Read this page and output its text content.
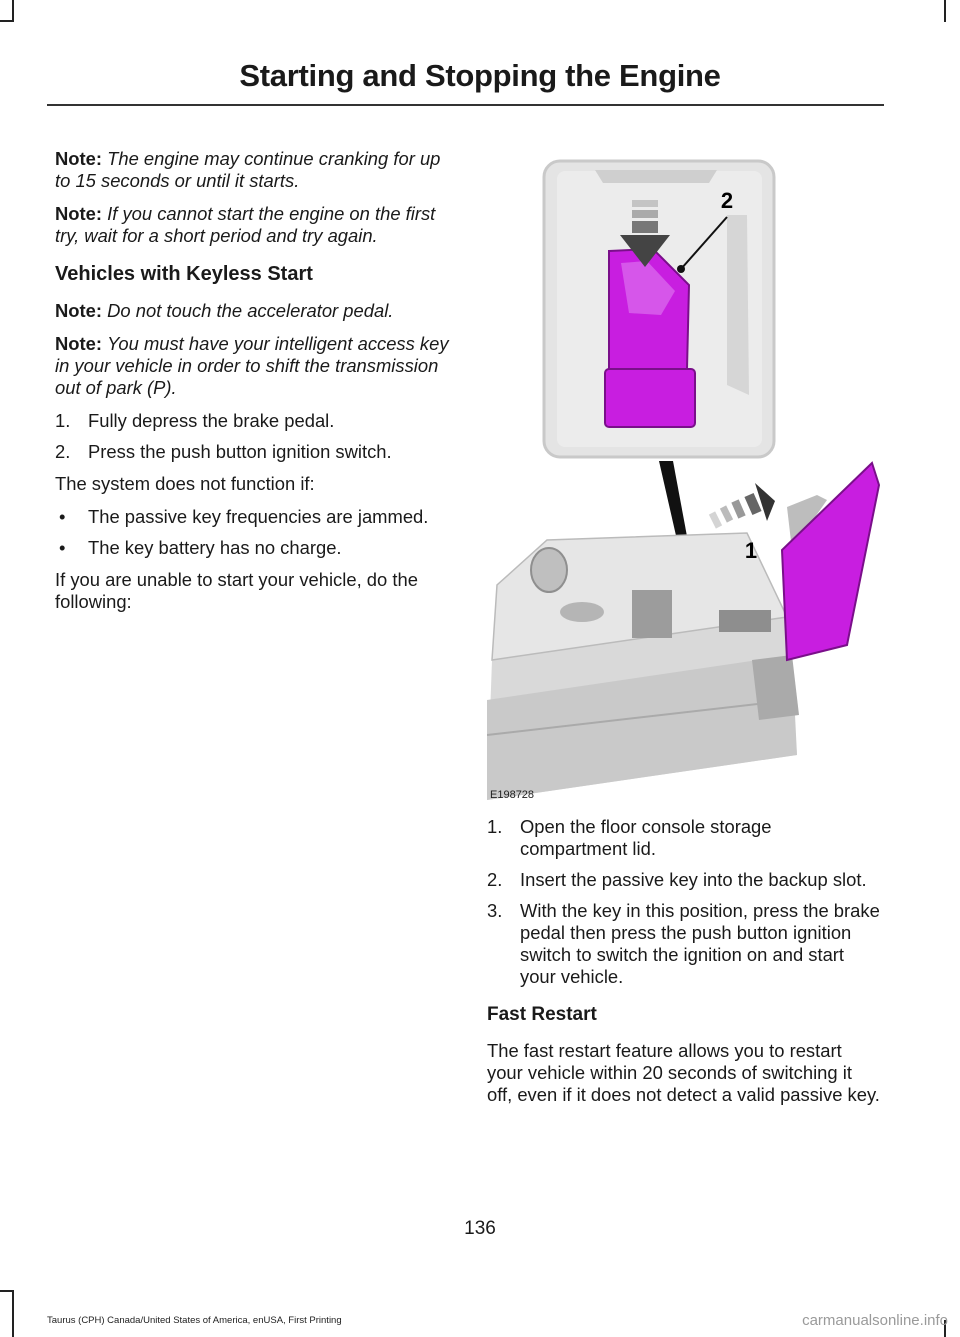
Starting and Stopping the Engine

Note: The engine may continue cranking for up to 15 seconds or until it starts.

Note: If you cannot start the engine on the first try, wait for a short period and try again.

Vehicles with Keyless Start

Note: Do not touch the accelerator pedal.

Note: You must have your intelligent access key in your vehicle in order to shift the transmission out of park (P).

1. Fully depress the brake pedal.
2. Press the push button ignition switch.

The system does not function if:

• The passive key frequencies are jammed.
• The key battery has no charge.

If you are unable to start your vehicle, do the following:

2
1
E198728
1. Open the floor console storage compartment lid.
2. Insert the passive key into the backup slot.
3. With the key in this position, press the brake pedal then press the push button ignition switch to switch the ignition on and start your vehicle.
Fast Restart

The fast restart feature allows you to restart your vehicle within 20 seconds of switching it off, even if it does not detect a valid passive key.

136
Taurus (CPH) Canada/United States of America, enUSA, First Printing	carmanualsonline.info
